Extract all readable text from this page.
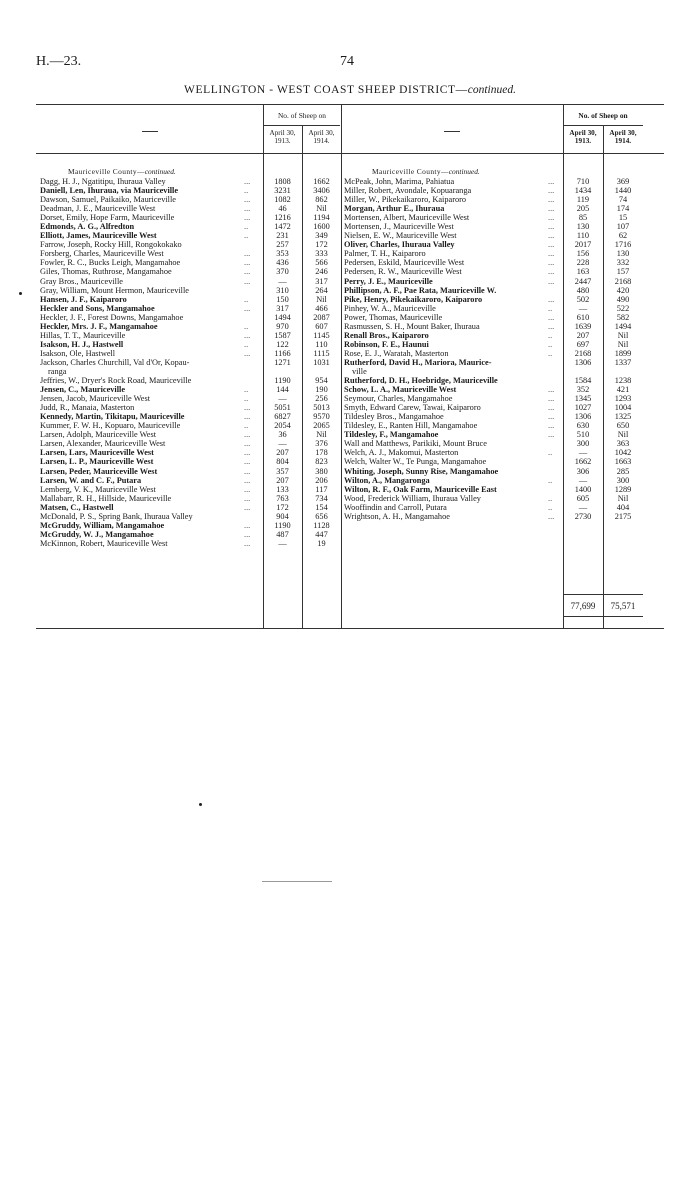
H.—23.	74
WELLINGTON - WEST COAST SHEEP DISTRICT—continued.
No. of Sheep on
April 30,
1913.
April 30,
1914.
No. of Sheep on
April 30,
1913.
April 30,
1914.
Mauriceville County—continued.	Mauriceville County—continued.
Dagg, H. J., Ngatitipu, Ihuraua Valley	...	1808	1662
Daniell, Len, Ihuraua, via Mauriceville	..	3231	3406
Dawson, Samuel, Paikaiko, Mauriceville	...	1082	862
Deadman, J. E., Mauriceville West	...	46	Nil
Dorset, Emily, Hope Farm, Mauriceville	...	1216	1194
Edmonds, A. G., Alfredton	..	1472	1600
Elliott, James, Mauriceville West	..	231	349
Farrow, Joseph, Rocky Hill, Rongokokako	257	172
Forsberg, Charles, Mauriceville West	...	353	333
Fowler, R. C., Bucks Leigh, Mangamahoe	...	436	566
Giles, Thomas, Ruthrose, Mangamahoe	...	370	246
Gray Bros., Mauriceville	...	—	317
Gray, William, Mount Hermon, Mauriceville	310	264
Hansen, J. F., Kaiparoro	..	150	Nil
Heckler and Sons, Mangamahoe	...	317	466
Heckler, J. F., Forest Downs, Mangamahoe	1494	2087
Heckler, Mrs. J. F., Mangamahoe	..	970	607
Hillas, T. T., Mauriceville	...	1587	1145
Isakson, H. J., Hastwell	..	122	110
Isakson, Ole, Hastwell	...	1166	1115
Jackson, Charles Churchill, Val d'Or, Kopau-	1271	1031
ranga
Jeffries, W., Dryer's Rock Road, Mauriceville	1190	954
Jensen, C., Mauriceville	..	144	190
Jensen, Jacob, Mauriceville West	..	—	256
Judd, R., Manaia, Masterton	...	5051	5013
Kennedy, Martin, Tikitapu, Mauriceville	...	6827	9570
Kummer, F. W. H., Kopuaro, Mauriceville	..	2054	2065
Larsen, Adolph, Mauriceville West	...	36	Nil
Larsen, Alexander, Mauriceville West	...	—	376
Larsen, Lars, Mauriceville West	...	207	178
Larsen, L. P., Mauriceville West	...	804	823
Larsen, Peder, Mauriceville West	...	357	380
Larsen, W. and C. F., Putara	...	207	206
Lemberg, V. K., Mauriceville West	...	133	117
Mallabarr, R. H., Hillside, Mauriceville	...	763	734
Matsen, C., Hastwell	...	172	154
McDonald, P. S., Spring Bank, Ihuraua Valley	904	656
McGruddy, William, Mangamahoe	...	1190	1128
McGruddy, W. J., Mangamahoe	...	487	447
McKinnon, Robert, Mauriceville West	...	—	19
McPeak, John, Marima, Pahiatua	...	710	369
Miller, Robert, Avondale, Kopuaranga	...	1434	1440
Miller, W., Pikekaikaroro, Kaiparoro	...	119	74
Morgan, Arthur E., Ihuraua	...	205	174
Mortensen, Albert, Mauriceville West	...	85	15
Mortensen, J., Mauriceville West	...	130	107
Nielsen, E. W., Mauriceville West	...	110	62
Oliver, Charles, Ihuraua Valley	...	2017	1716
Palmer, T. H., Kaiparoro	...	156	130
Pedersen, Eskild, Mauriceville West	...	228	332
Pedersen, R. W., Mauriceville West	...	163	157
Perry, J. E., Mauriceville	...	2447	2168
Phillipson, A. F., Pae Rata, Mauriceville W.	480	420
Pike, Henry, Pikekaikaroro, Kaiparoro	...	502	490
Pinhey, W. A., Mauriceville	..	—	522
Power, Thomas, Mauriceville	...	610	582
Rasmussen, S. H., Mount Baker, Ihuraua	...	1639	1494
Renall Bros., Kaiparoro	..	207	Nil
Robinson, F. E., Haunui	..	697	Nil
Rose, E. J., Waratah, Masterton	..	2168	1899
Rutherford, David H., Mariora, Maurice-	1306	1337
ville
Rutherford, D. H., Hoebridge, Mauriceville	1584	1238
Schow, L. A., Mauriceville West	...	352	421
Seymour, Charles, Mangamahoe	...	1345	1293
Smyth, Edward Carew, Tawai, Kaiparoro	...	1027	1004
Tildesley Bros., Mangamahoe	...	1306	1325
Tildesley, E., Ranten Hill, Mangamahoe	...	630	650
Tildesley, F., Mangamahoe	...	510	Nil
Wall and Matthews, Parikiki, Mount Bruce	300	363
Welch, A. J., Makomui, Masterton	..	—	1042
Welch, Walter W., Te Punga, Mangamahoe	1662	1663
Whiting, Joseph, Sunny Rise, Mangamahoe	306	285
Wilton, A., Mangaronga	..	—	300
Wilton, R. F., Oak Farm, Mauriceville East	1400	1289
Wood, Frederick William, Ihuraua Valley	..	605	Nil
Wooffindin and Carroll, Putara	..	—	404
Wrightson, A. H., Mangamahoe	...	2730	2175
77,699	75,571
